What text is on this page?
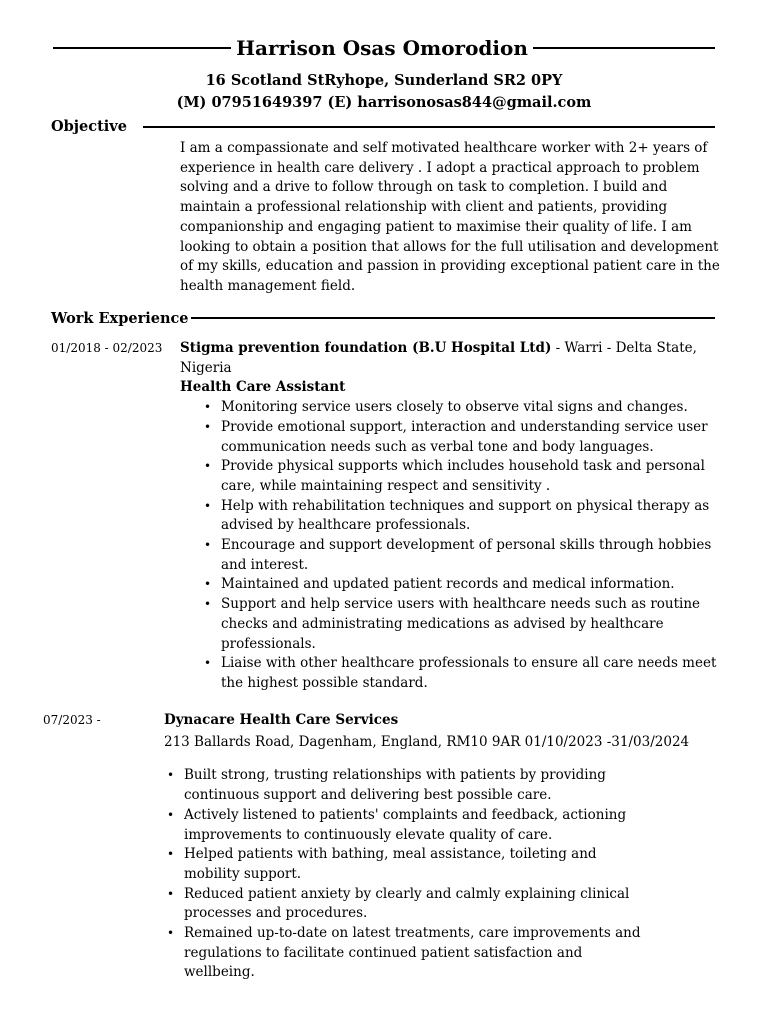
Harrison Osas Omorodion
16 Scotland StRyhope, Sunderland SR2 0PY
(M) 07951649397 (E) harrisonosas844@gmail.com
Objective

I am a compassionate and self motivated healthcare worker with 2+ years of experience in health care delivery . I adopt a practical approach to problem solving and a drive to follow through on task to completion. I build and maintain a professional relationship with client and patients, providing companionship and engaging patient to maximise their quality of life. I am looking to obtain a position that allows for the full utilisation and development of my skills, education and passion in providing exceptional patient care in the health management field.

Work Experience
01/2018 - 02/2023 Stigma prevention foundation (B.U Hospital Ltd) - Warri - Delta State, Nigeria
Health Care Assistant
• Monitoring service users closely to observe vital signs and changes.
• Provide emotional support, interaction and understanding service user communication needs such as verbal tone and body languages.
• Provide physical supports which includes household task and personal care, while maintaining respect and sensitivity .
• Help with rehabilitation techniques and support on physical therapy as advised by healthcare professionals.
• Encourage and support development of personal skills through hobbies and interest.
• Maintained and updated patient records and medical information.
• Support and help service users with healthcare needs such as routine checks and administrating medications as advised by healthcare professionals.
• Liaise with other healthcare professionals to ensure all care needs meet the highest possible standard.
07/2023 -	Dynacare Health Care Services
213 Ballards Road, Dagenham, England, RM10 9AR 01/10/2023 -31/03/2024
• Built strong, trusting relationships with patients by providing continuous support and delivering best possible care.
• Actively listened to patients' complaints and feedback, actioning improvements to continuously elevate quality of care.
• Helped patients with bathing, meal assistance, toileting and mobility support.
• Reduced patient anxiety by clearly and calmly explaining clinical processes and procedures.
• Remained up-to-date on latest treatments, care improvements and regulations to facilitate continued patient satisfaction and wellbeing.
